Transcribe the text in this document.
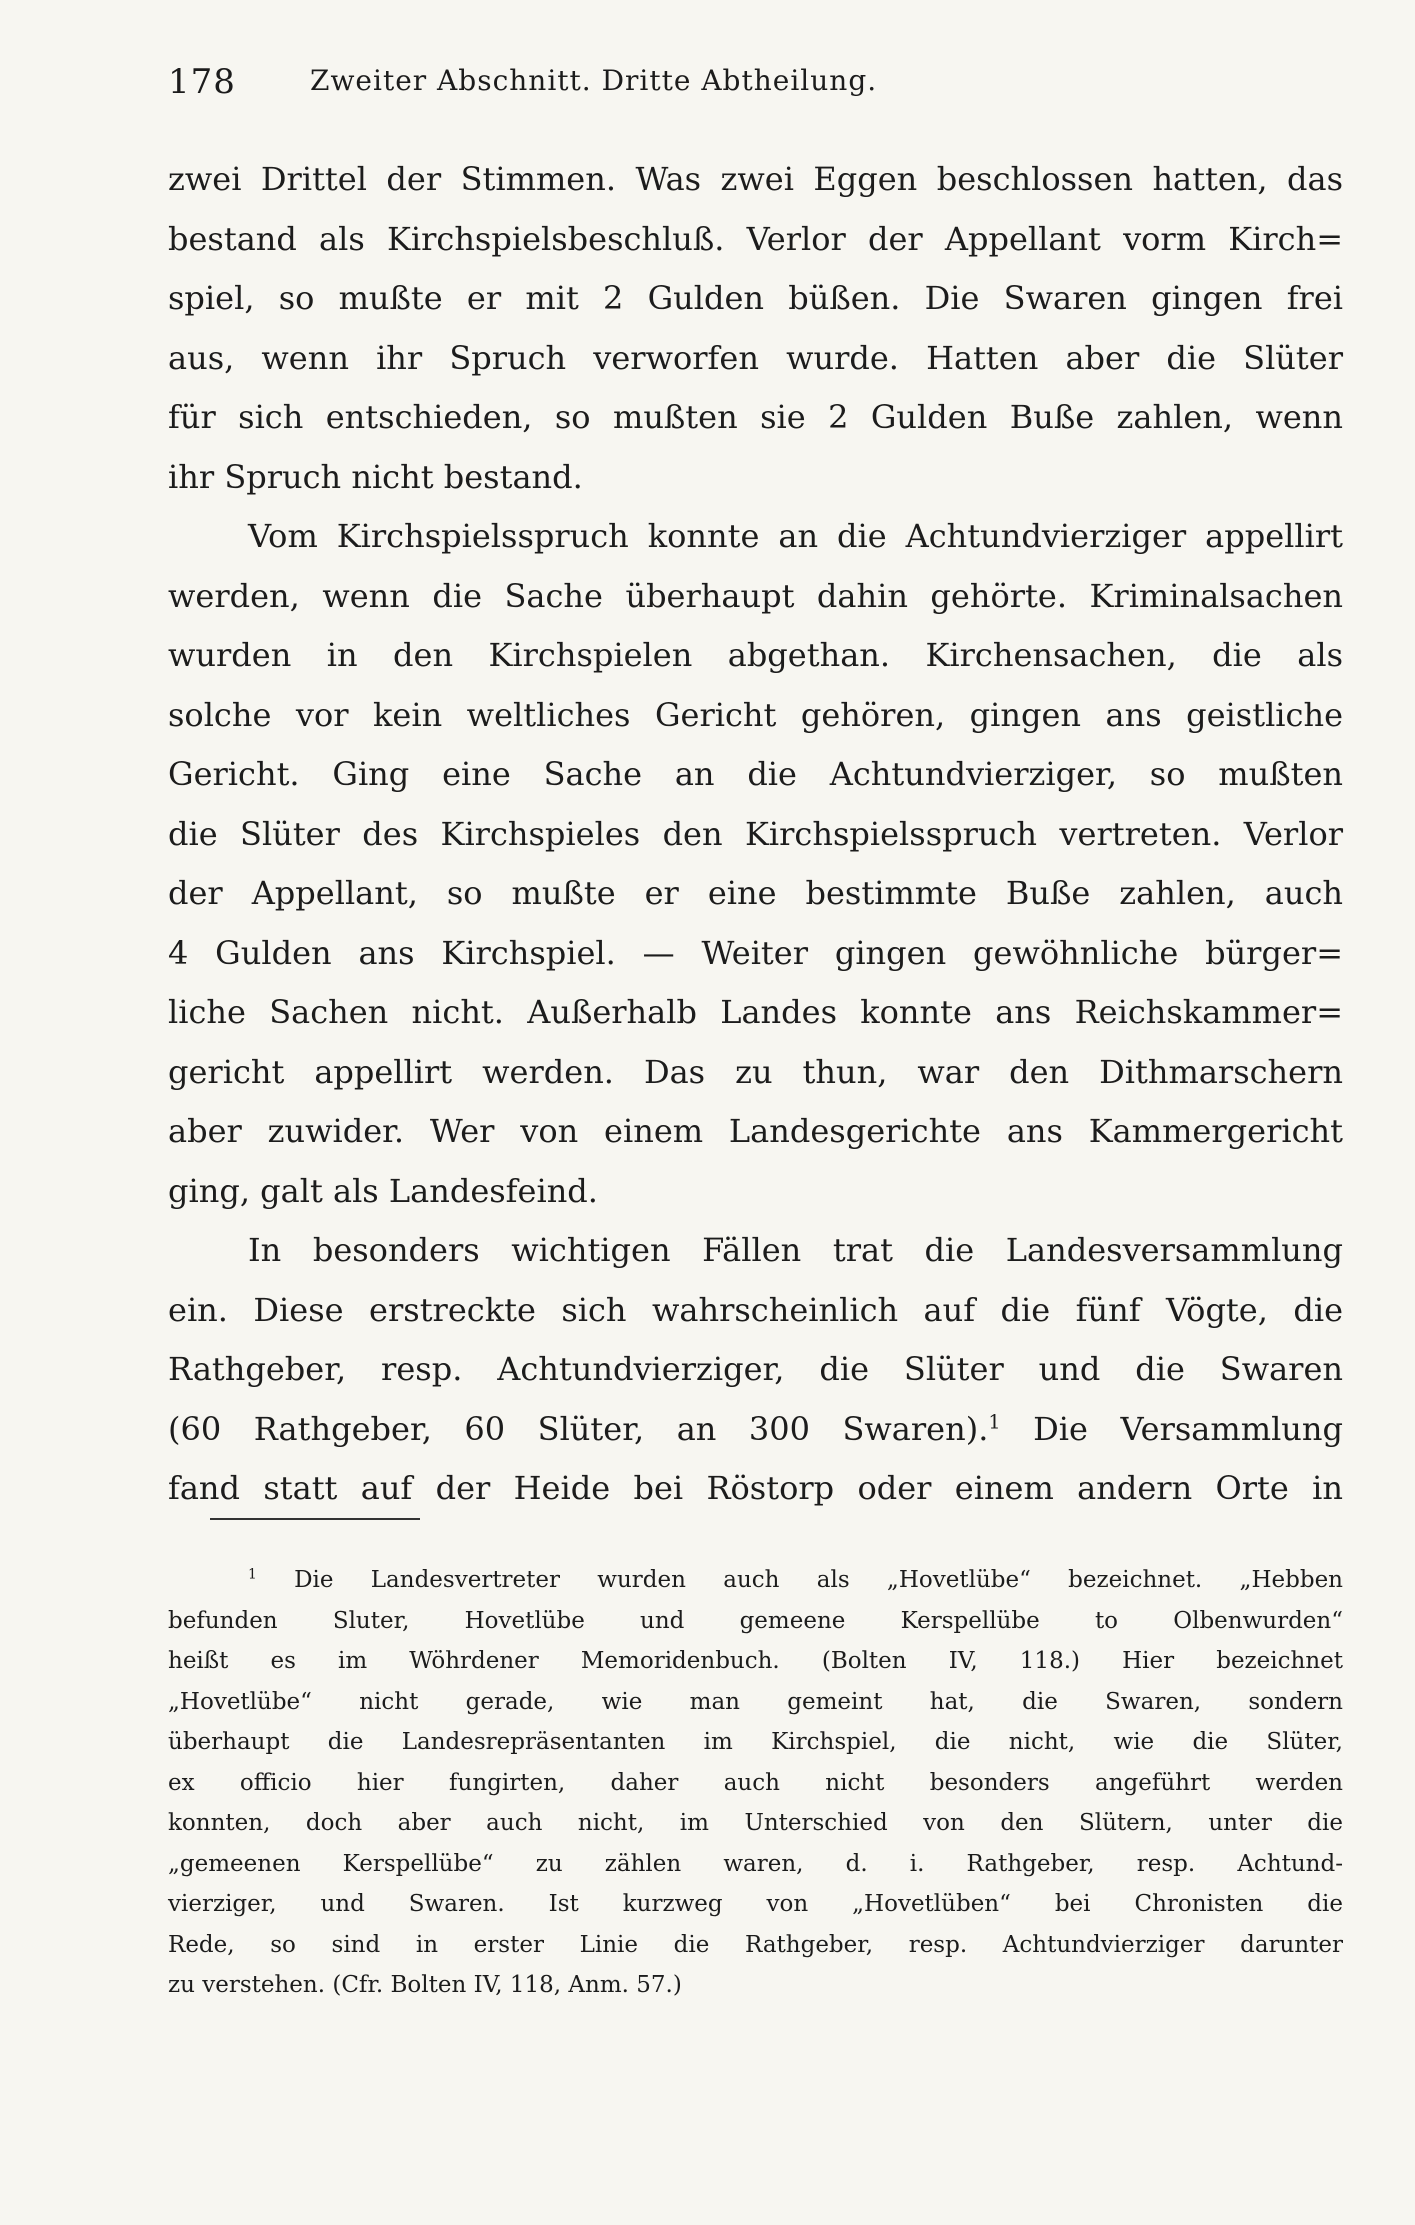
178	Zweiter Abschnitt. Dritte Abtheilung.
zwei Drittel der Stimmen. Was zwei Eggen beschlossen hatten, das
bestand als Kirchspielsbeschluß. Verlor der Appellant vorm Kirch=
spiel, so mußte er mit 2 Gulden büßen. Die Swaren gingen frei
aus, wenn ihr Spruch verworfen wurde. Hatten aber die Slüter
für sich entschieden, so mußten sie 2 Gulden Buße zahlen, wenn
ihr Spruch nicht bestand.
Vom Kirchspielsspruch konnte an die Achtundvierziger appellirt
werden, wenn die Sache überhaupt dahin gehörte. Kriminalsachen
wurden in den Kirchspielen abgethan. Kirchensachen, die als
solche vor kein weltliches Gericht gehören, gingen ans geistliche
Gericht. Ging eine Sache an die Achtundvierziger, so mußten
die Slüter des Kirchspieles den Kirchspielsspruch vertreten. Verlor
der Appellant, so mußte er eine bestimmte Buße zahlen, auch
4 Gulden ans Kirchspiel. — Weiter gingen gewöhnliche bürger=
liche Sachen nicht. Außerhalb Landes konnte ans Reichskammer=
gericht appellirt werden. Das zu thun, war den Dithmarschern
aber zuwider. Wer von einem Landesgerichte ans Kammergericht
ging, galt als Landesfeind.
In besonders wichtigen Fällen trat die Landesversammlung
ein. Diese erstreckte sich wahrscheinlich auf die fünf Vögte, die
Rathgeber, resp. Achtundvierziger, die Slüter und die Swaren
(60 Rathgeber, 60 Slüter, an 300 Swaren).$^1$ Die Versammlung
fand statt auf der Heide bei Röstorp oder einem andern Orte in
$^1$ Die Landesvertreter wurden auch als „Hovetlübe“ bezeichnet. „Hebben
befunden Sluter, Hovetlübe und gemeene Kerspellübe to Olbenwurden“
heißt es im Wöhrdener Memoridenbuch. (Bolten IV, 118.) Hier bezeichnet
„Hovetlübe“ nicht gerade, wie man gemeint hat, die Swaren, sondern
überhaupt die Landesrepräsentanten im Kirchspiel, die nicht, wie die Slüter,
ex officio hier fungirten, daher auch nicht besonders angeführt werden
konnten, doch aber auch nicht, im Unterschied von den Slütern, unter die
„gemeenen Kerspellübe“ zu zählen waren, d. i. Rathgeber, resp. Achtund-
vierziger, und Swaren. Ist kurzweg von „Hovetlüben“ bei Chronisten die
Rede, so sind in erster Linie die Rathgeber, resp. Achtundvierziger darunter
zu verstehen. (Cfr. Bolten IV, 118, Anm. 57.)
